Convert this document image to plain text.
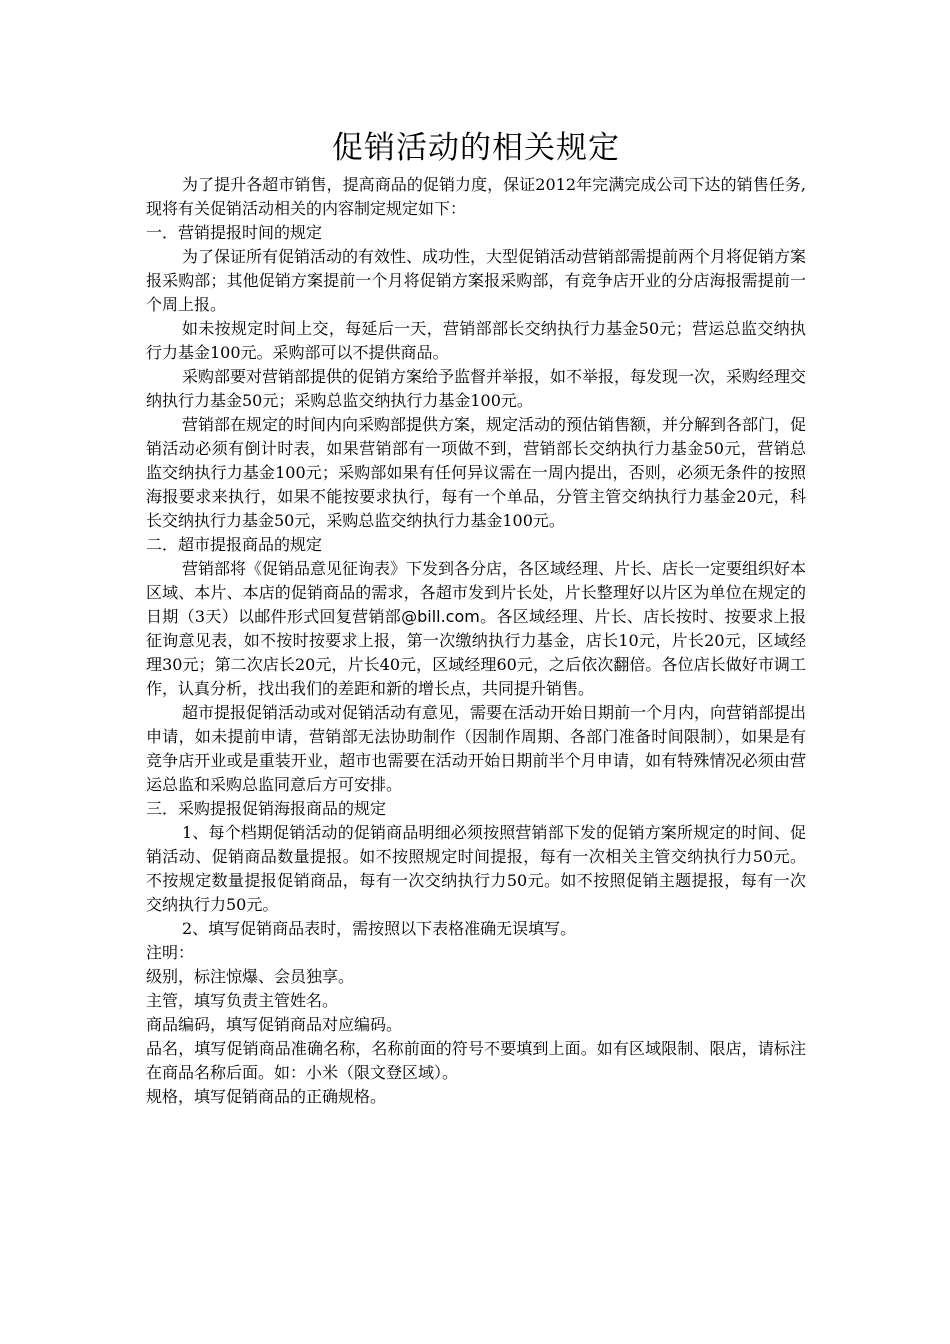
促销活动的相关规定

为了提升各超市销售，提高商品的促销力度，保证2012年完满完成公司下达的销售任务,现将有关促销活动相关的内容制定规定如下：

一．营销提报时间的规定

为了保证所有促销活动的有效性、成功性，大型促销活动营销部需提前两个月将促销方案报采购部；其他促销方案提前一个月将促销方案报采购部，有竞争店开业的分店海报需提前一个周上报。

如未按规定时间上交，每延后一天，营销部部长交纳执行力基金50元；营运总监交纳执行力基金100元。采购部可以不提供商品。

采购部要对营销部提供的促销方案给予监督并举报，如不举报，每发现一次，采购经理交纳执行力基金50元；采购总监交纳执行力基金100元。

营销部在规定的时间内向采购部提供方案，规定活动的预估销售额，并分解到各部门，促销活动必须有倒计时表，如果营销部有一项做不到，营销部长交纳执行力基金50元，营销总监交纳执行力基金100元；采购部如果有任何异议需在一周内提出，否则，必须无条件的按照海报要求来执行，如果不能按要求执行，每有一个单品，分管主管交纳执行力基金20元，科长交纳执行力基金50元，采购总监交纳执行力基金100元。

二．超市提报商品的规定

营销部将《促销品意见征询表》下发到各分店，各区域经理、片长、店长一定要组织好本区域、本片、本店的促销商品的需求，各超市发到片长处，片长整理好以片区为单位在规定的日期（3天）以邮件形式回复营销部@bill.com。各区域经理、片长、店长按时、按要求上报征询意见表，如不按时按要求上报，第一次缴纳执行力基金，店长10元，片长20元，区域经理30元；第二次店长20元，片长40元，区域经理60元，之后依次翻倍。各位店长做好市调工作，认真分析，找出我们的差距和新的增长点，共同提升销售。

超市提报促销活动或对促销活动有意见，需要在活动开始日期前一个月内，向营销部提出申请，如未提前申请，营销部无法协助制作（因制作周期、各部门准备时间限制），如果是有竞争店开业或是重装开业，超市也需要在活动开始日期前半个月申请，如有特殊情况必须由营运总监和采购总监同意后方可安排。

三．采购提报促销海报商品的规定

1、每个档期促销活动的促销商品明细必须按照营销部下发的促销方案所规定的时间、促销活动、促销商品数量提报。如不按照规定时间提报，每有一次相关主管交纳执行力50元。不按规定数量提报促销商品，每有一次交纳执行力50元。如不按照促销主题提报，每有一次交纳执行力50元。

2、填写促销商品表时，需按照以下表格准确无误填写。

注明：

级别，标注惊爆、会员独享。

主管，填写负责主管姓名。

商品编码，填写促销商品对应编码。

品名，填写促销商品准确名称，名称前面的符号不要填到上面。如有区域限制、限店，请标注在商品名称后面。如：小米（限文登区域）。

规格，填写促销商品的正确规格。
